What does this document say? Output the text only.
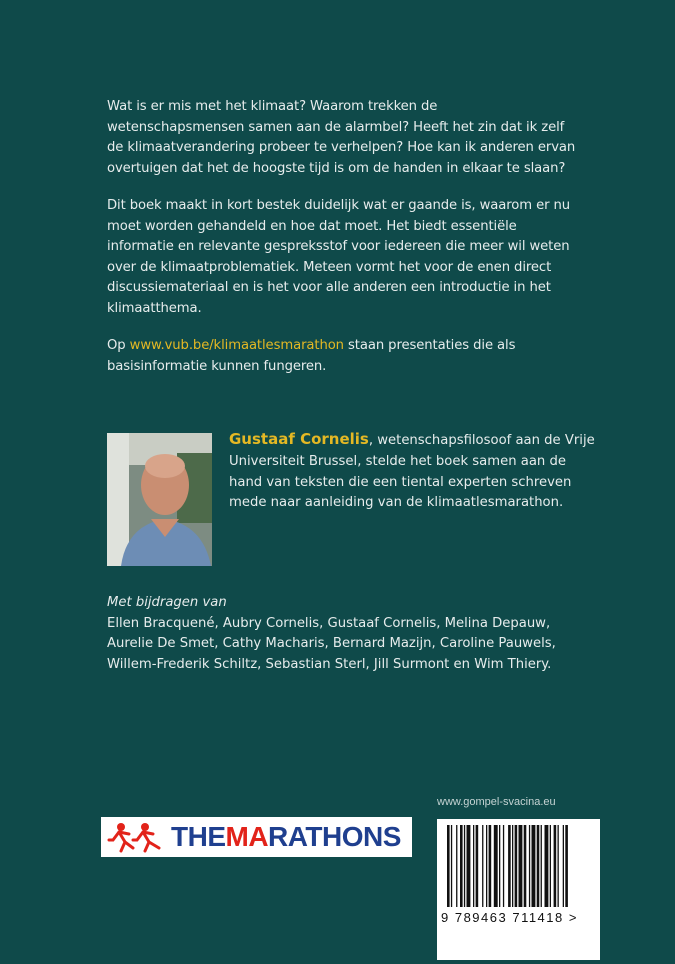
Wat is er mis met het klimaat? Waarom trekken de wetenschapsmensen samen aan de alarmbel? Heeft het zin dat ik zelf de klimaatverandering probeer te verhelpen? Hoe kan ik anderen ervan overtuigen dat het de hoogste tijd is om de handen in elkaar te slaan?

Dit boek maakt in kort bestek duidelijk wat er gaande is, waarom er nu moet worden gehandeld en hoe dat moet. Het biedt essentiële informatie en relevante gespreksstof voor iedereen die meer wil weten over de klimaatproblematiek. Meteen vormt het voor de enen direct discussiemateriaal en is het voor alle anderen een introductie in het klimaatthema.

Op www.vub.be/klimaatlesmarathon staan presentaties die als basisinformatie kunnen fungeren.

Gustaaf Cornelis, wetenschapsfilosoof aan de Vrije Universiteit Brussel, stelde het boek samen aan de hand van teksten die een tiental experten schreven mede naar aanleiding van de klimaatlesmarathon.

Met bijdragen van
Ellen Bracquené, Aubry Cornelis, Gustaaf Cornelis, Melina Depauw, Aurelie De Smet, Cathy Macharis, Bernard Mazijn, Caroline Pauwels, Willem-Frederik Schiltz, Sebastian Sterl, Jill Surmont en Wim Thiery.

THEMARATHONS
www.gompel-svacina.eu
9 789463 711418 >
